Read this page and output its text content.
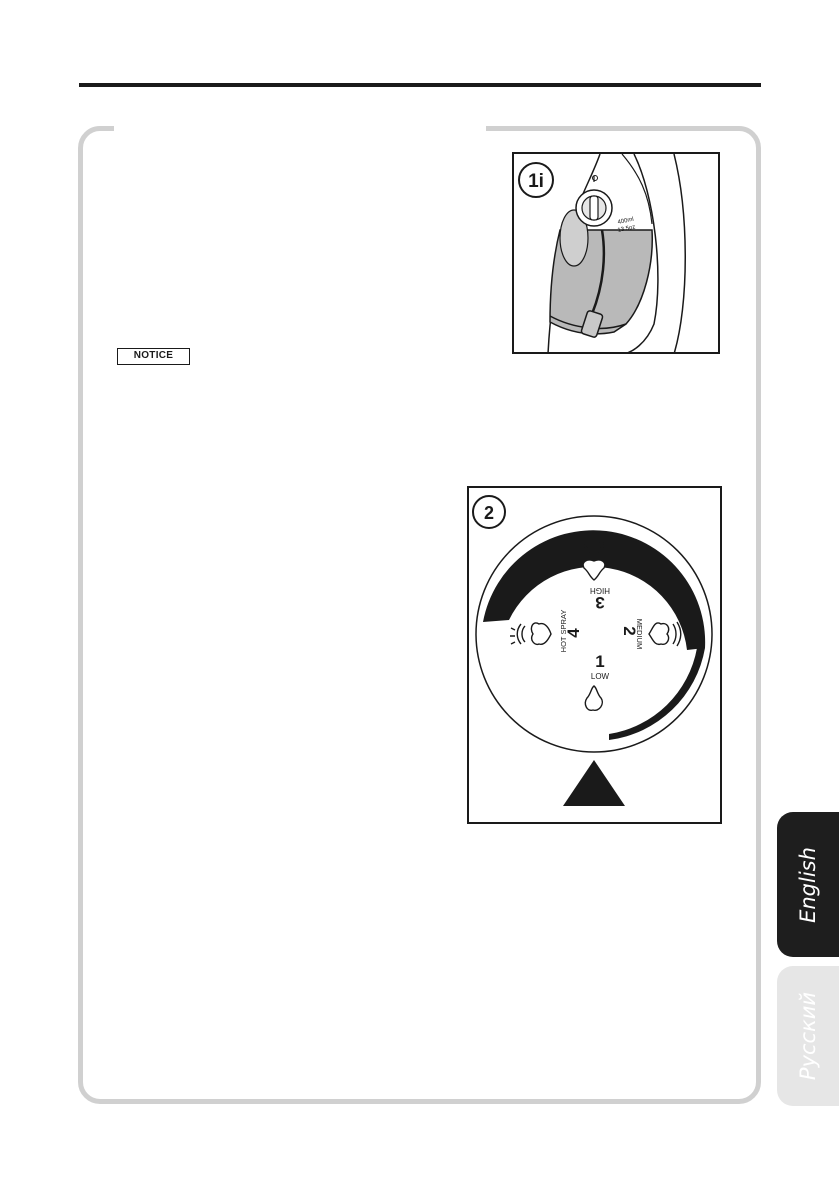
NOTICE
400ml
13.5oz
1i
2
3
HIGH
2
MEDIUM
1
LOW
4
HOT SPRAY
English
Русский
